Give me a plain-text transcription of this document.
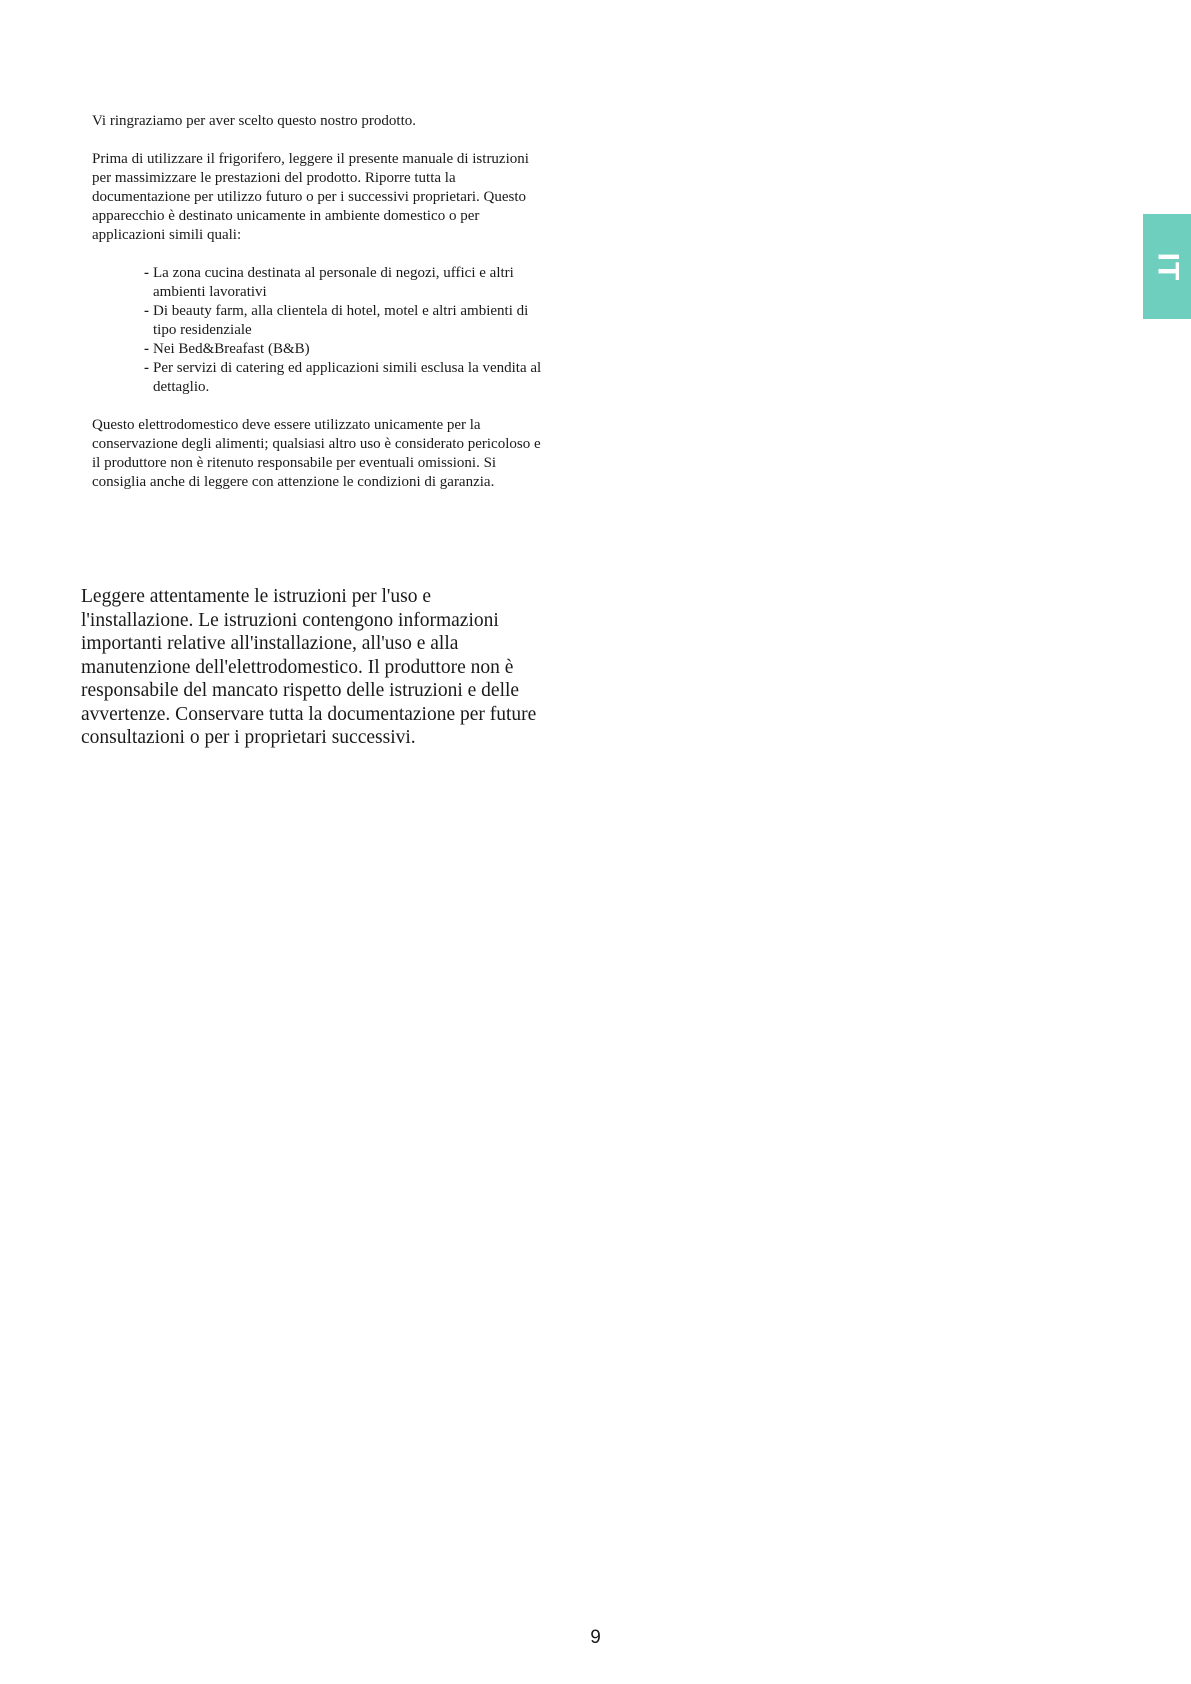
Vi ringraziamo per aver scelto questo nostro prodotto.

Prima di utilizzare il frigorifero, leggere il presente manuale di istruzioni per massimizzare le prestazioni del prodotto. Riporre tutta la documentazione per utilizzo futuro o per i successivi proprietari. Questo apparecchio è destinato unicamente in ambiente domestico o per applicazioni simili quali:

- La zona cucina destinata al personale di negozi, uffici e altri ambienti lavorativi
- Di beauty farm, alla clientela di hotel, motel e altri ambienti di tipo residenziale
- Nei Bed&Breafast (B&B)
- Per servizi di catering ed applicazioni simili esclusa la vendita al dettaglio.

Questo elettrodomestico deve essere utilizzato unicamente per la conservazione degli alimenti; qualsiasi altro uso è considerato pericoloso e il produttore non è ritenuto responsabile per eventuali omissioni. Si consiglia anche di leggere con attenzione le condizioni di garanzia.

Leggere attentamente le istruzioni per l'uso e l'installazione. Le istruzioni contengono informazioni importanti relative all'installazione, all'uso e alla manutenzione dell'elettrodomestico. Il produttore non è responsabile del mancato rispetto delle istruzioni e delle avvertenze. Conservare tutta la documentazione per future consultazioni o per i proprietari successivi.

IT
9
